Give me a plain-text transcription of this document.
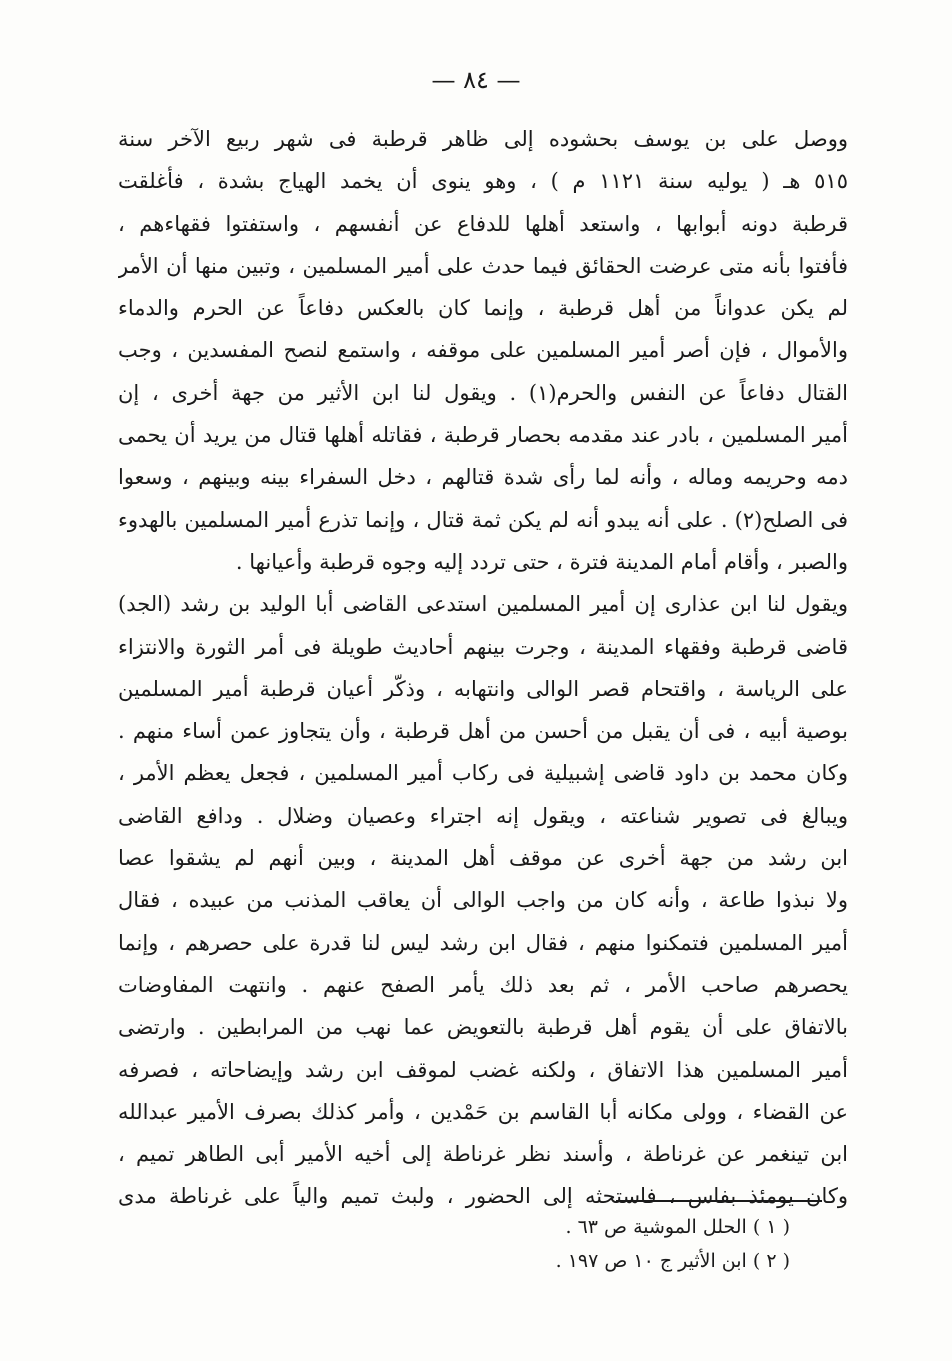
— ٨٤ —
ووصل على بن يوسف بحشوده إلى ظاهر قرطبة فى شهر ربيع الآخر سنة
٥١٥ هـ ( يوليه سنة ١١٢١ م ) ، وهو ينوى أن يخمد الهياج بشدة ، فأغلقت
قرطبة دونه أبوابها ، واستعد أهلها للدفاع عن أنفسهم ، واستفتوا فقهاءهم ،
فأفتوا بأنه متى عرضت الحقائق فيما حدث على أمير المسلمين ، وتبين منها أن الأمر
لم يكن عدواناً من أهل قرطبة ، وإنما كان بالعكس دفاعاً عن الحرم والدماء
والأموال ، فإن أصر أمير المسلمين على موقفه ، واستمع لنصح المفسدين ، وجب
القتال دفاعاً عن النفس والحرم(١) . ويقول لنا ابن الأثير من جهة أخرى ، إن
أمير المسلمين ، بادر عند مقدمه بحصار قرطبة ، فقاتله أهلها قتال من يريد أن يحمى
دمه وحريمه وماله ، وأنه لما رأى شدة قتالهم ، دخل السفراء بينه وبينهم ، وسعوا
فى الصلح(٢) . على أنه يبدو أنه لم يكن ثمة قتال ، وإنما تذرع أمير المسلمين بالهدوء
والصبر ، وأقام أمام المدينة فترة ، حتى تردد إليه وجوه قرطبة وأعيانها .
ويقول لنا ابن عذارى إن أمير المسلمين استدعى القاضى أبا الوليد بن رشد (الجد)
قاضى قرطبة وفقهاء المدينة ، وجرت بينهم أحاديث طويلة فى أمر الثورة والانتزاء
على الرياسة ، واقتحام قصر الوالى وانتهابه ، وذكّر أعيان قرطبة أمير المسلمين
بوصية أبيه ، فى أن يقبل من أحسن من أهل قرطبة ، وأن يتجاوز عمن أساء منهم .
وكان محمد بن داود قاضى إشبيلية فى ركاب أمير المسلمين ، فجعل يعظم الأمر ،
ويبالغ فى تصوير شناعته ، ويقول إنه اجتراء وعصيان وضلال . ودافع القاضى
ابن رشد من جهة أخرى عن موقف أهل المدينة ، وبين أنهم لم يشقوا عصا
ولا نبذوا طاعة ، وأنه كان من واجب الوالى أن يعاقب المذنب من عبيده ، فقال
أمير المسلمين فتمكنوا منهم ، فقال ابن رشد ليس لنا قدرة على حصرهم ، وإنما
يحصرهم صاحب الأمر ، ثم بعد ذلك يأمر الصفح عنهم . وانتهت المفاوضات
بالاتفاق على أن يقوم أهل قرطبة بالتعويض عما نهب من المرابطين . وارتضى
أمير المسلمين هذا الاتفاق ، ولكنه غضب لموقف ابن رشد وإيضاحاته ، فصرفه
عن القضاء ، وولى مكانه أبا القاسم بن حَمْدين ، وأمر كذلك بصرف الأمير عبدالله
ابن تينغمر عن غرناطة ، وأسند نظر غرناطة إلى أخيه الأمير أبى الطاهر تميم ،
وكان يومئذ بفاس ، فاستحثه إلى الحضور ، ولبث تميم والياً على غرناطة مدى
( ١ ) الحلل الموشية ص ٦٣ .
( ٢ ) ابن الأثير ج ١٠ ص ١٩٧ .
